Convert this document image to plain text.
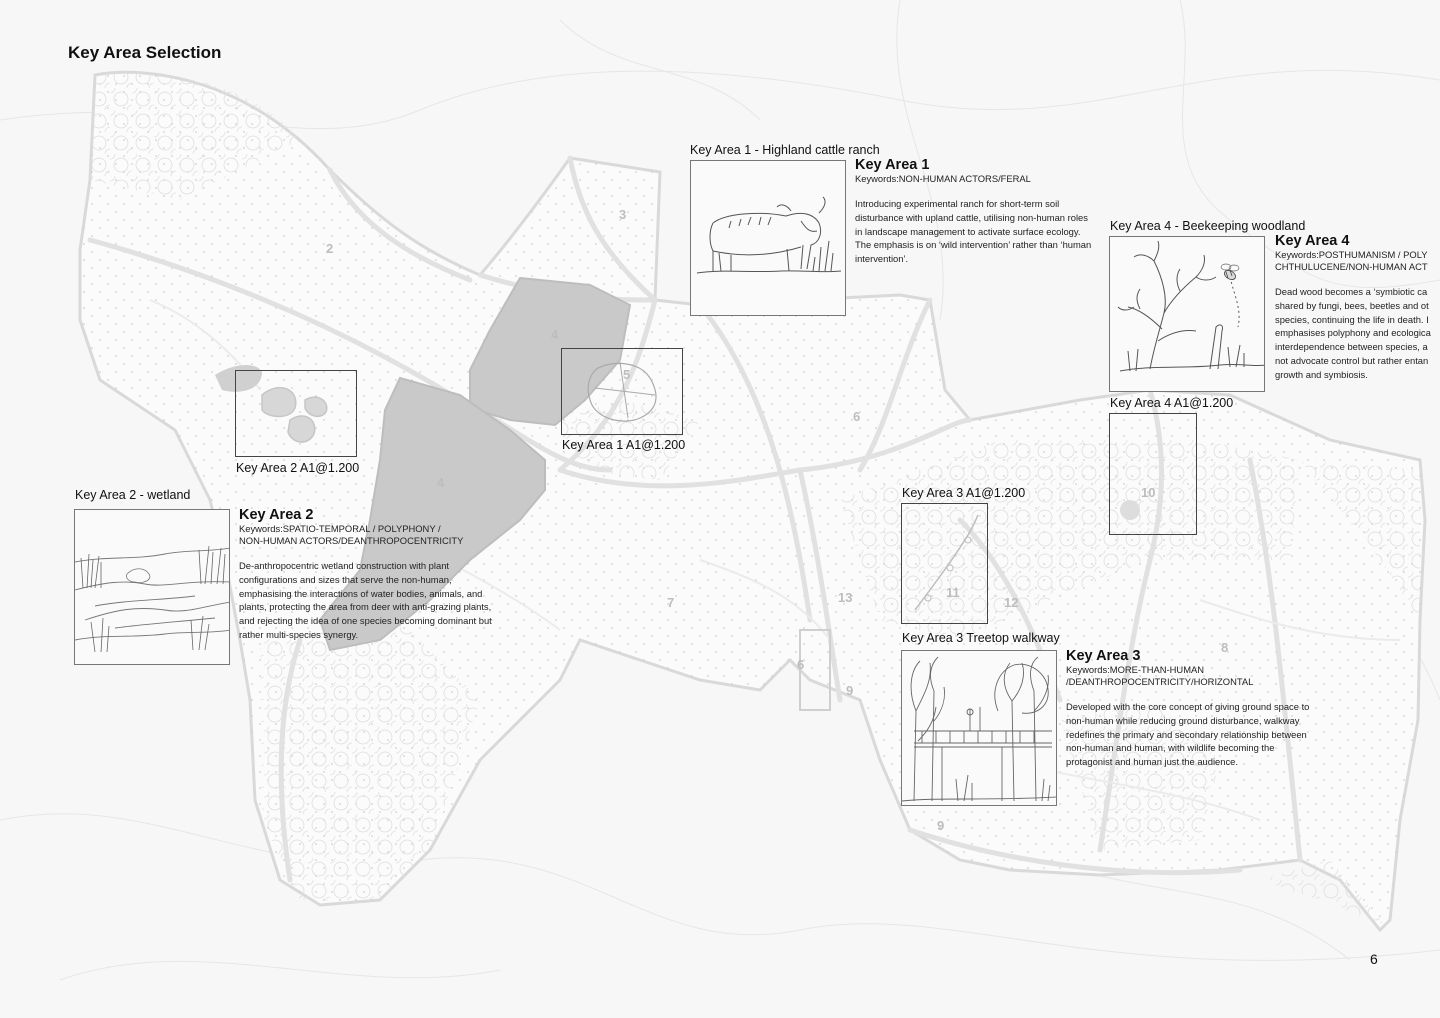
2
3
4
4
5
6
7	13
6
9
11
12
8
10
9
Key Area Selection
6
Key Area 1 - Highland cattle ranch
Key Area 1
Keywords:NON-HUMAN ACTORS/FERAL
Introducing experimental ranch for short-term soil
disturbance with upland cattle, utilising non-human roles
in landscape management to activate surface ecology.
The emphasis is on ‘wild intervention’ rather than ‘human
intervention’.
Key Area 1 A1@1.200
Key Area 2 A1@1.200
Key Area 2 - wetland
Key Area 2
Keywords:SPATIO-TEMPORAL / POLYPHONY /
NON-HUMAN ACTORS/DEANTHROPOCENTRICITY
De-anthropocentric wetland construction with plant
configurations and sizes that serve the non-human,
emphasising the interactions of water bodies, animals, and
plants, protecting the area from deer with anti-grazing plants,
and rejecting the idea of one species becoming dominant but
rather multi-species synergy.
Key Area 3 A1@1.200
Key Area 3 Treetop walkway
Key Area 3
Keywords:MORE-THAN-HUMAN
/DEANTHROPOCENTRICITY/HORIZONTAL
Developed with the core concept of giving ground space to
non-human while reducing ground disturbance, walkway
redefines the primary and secondary relationship between
non-human and human, with wildlife becoming the
protagonist and human just the audience.
Key Area 4 - Beekeeping woodland
Key Area 4
Keywords:POSTHUMANISM / POLY
CHTHULUCENE/NON-HUMAN ACT
Dead wood becomes a ‘symbiotic ca
shared by fungi, bees, beetles and ot
species, continuing the life in death. I
emphasises polyphony and ecologica
interdependence between species, a
not advocate control but rather entan
growth and symbiosis.
Key Area 4 A1@1.200
